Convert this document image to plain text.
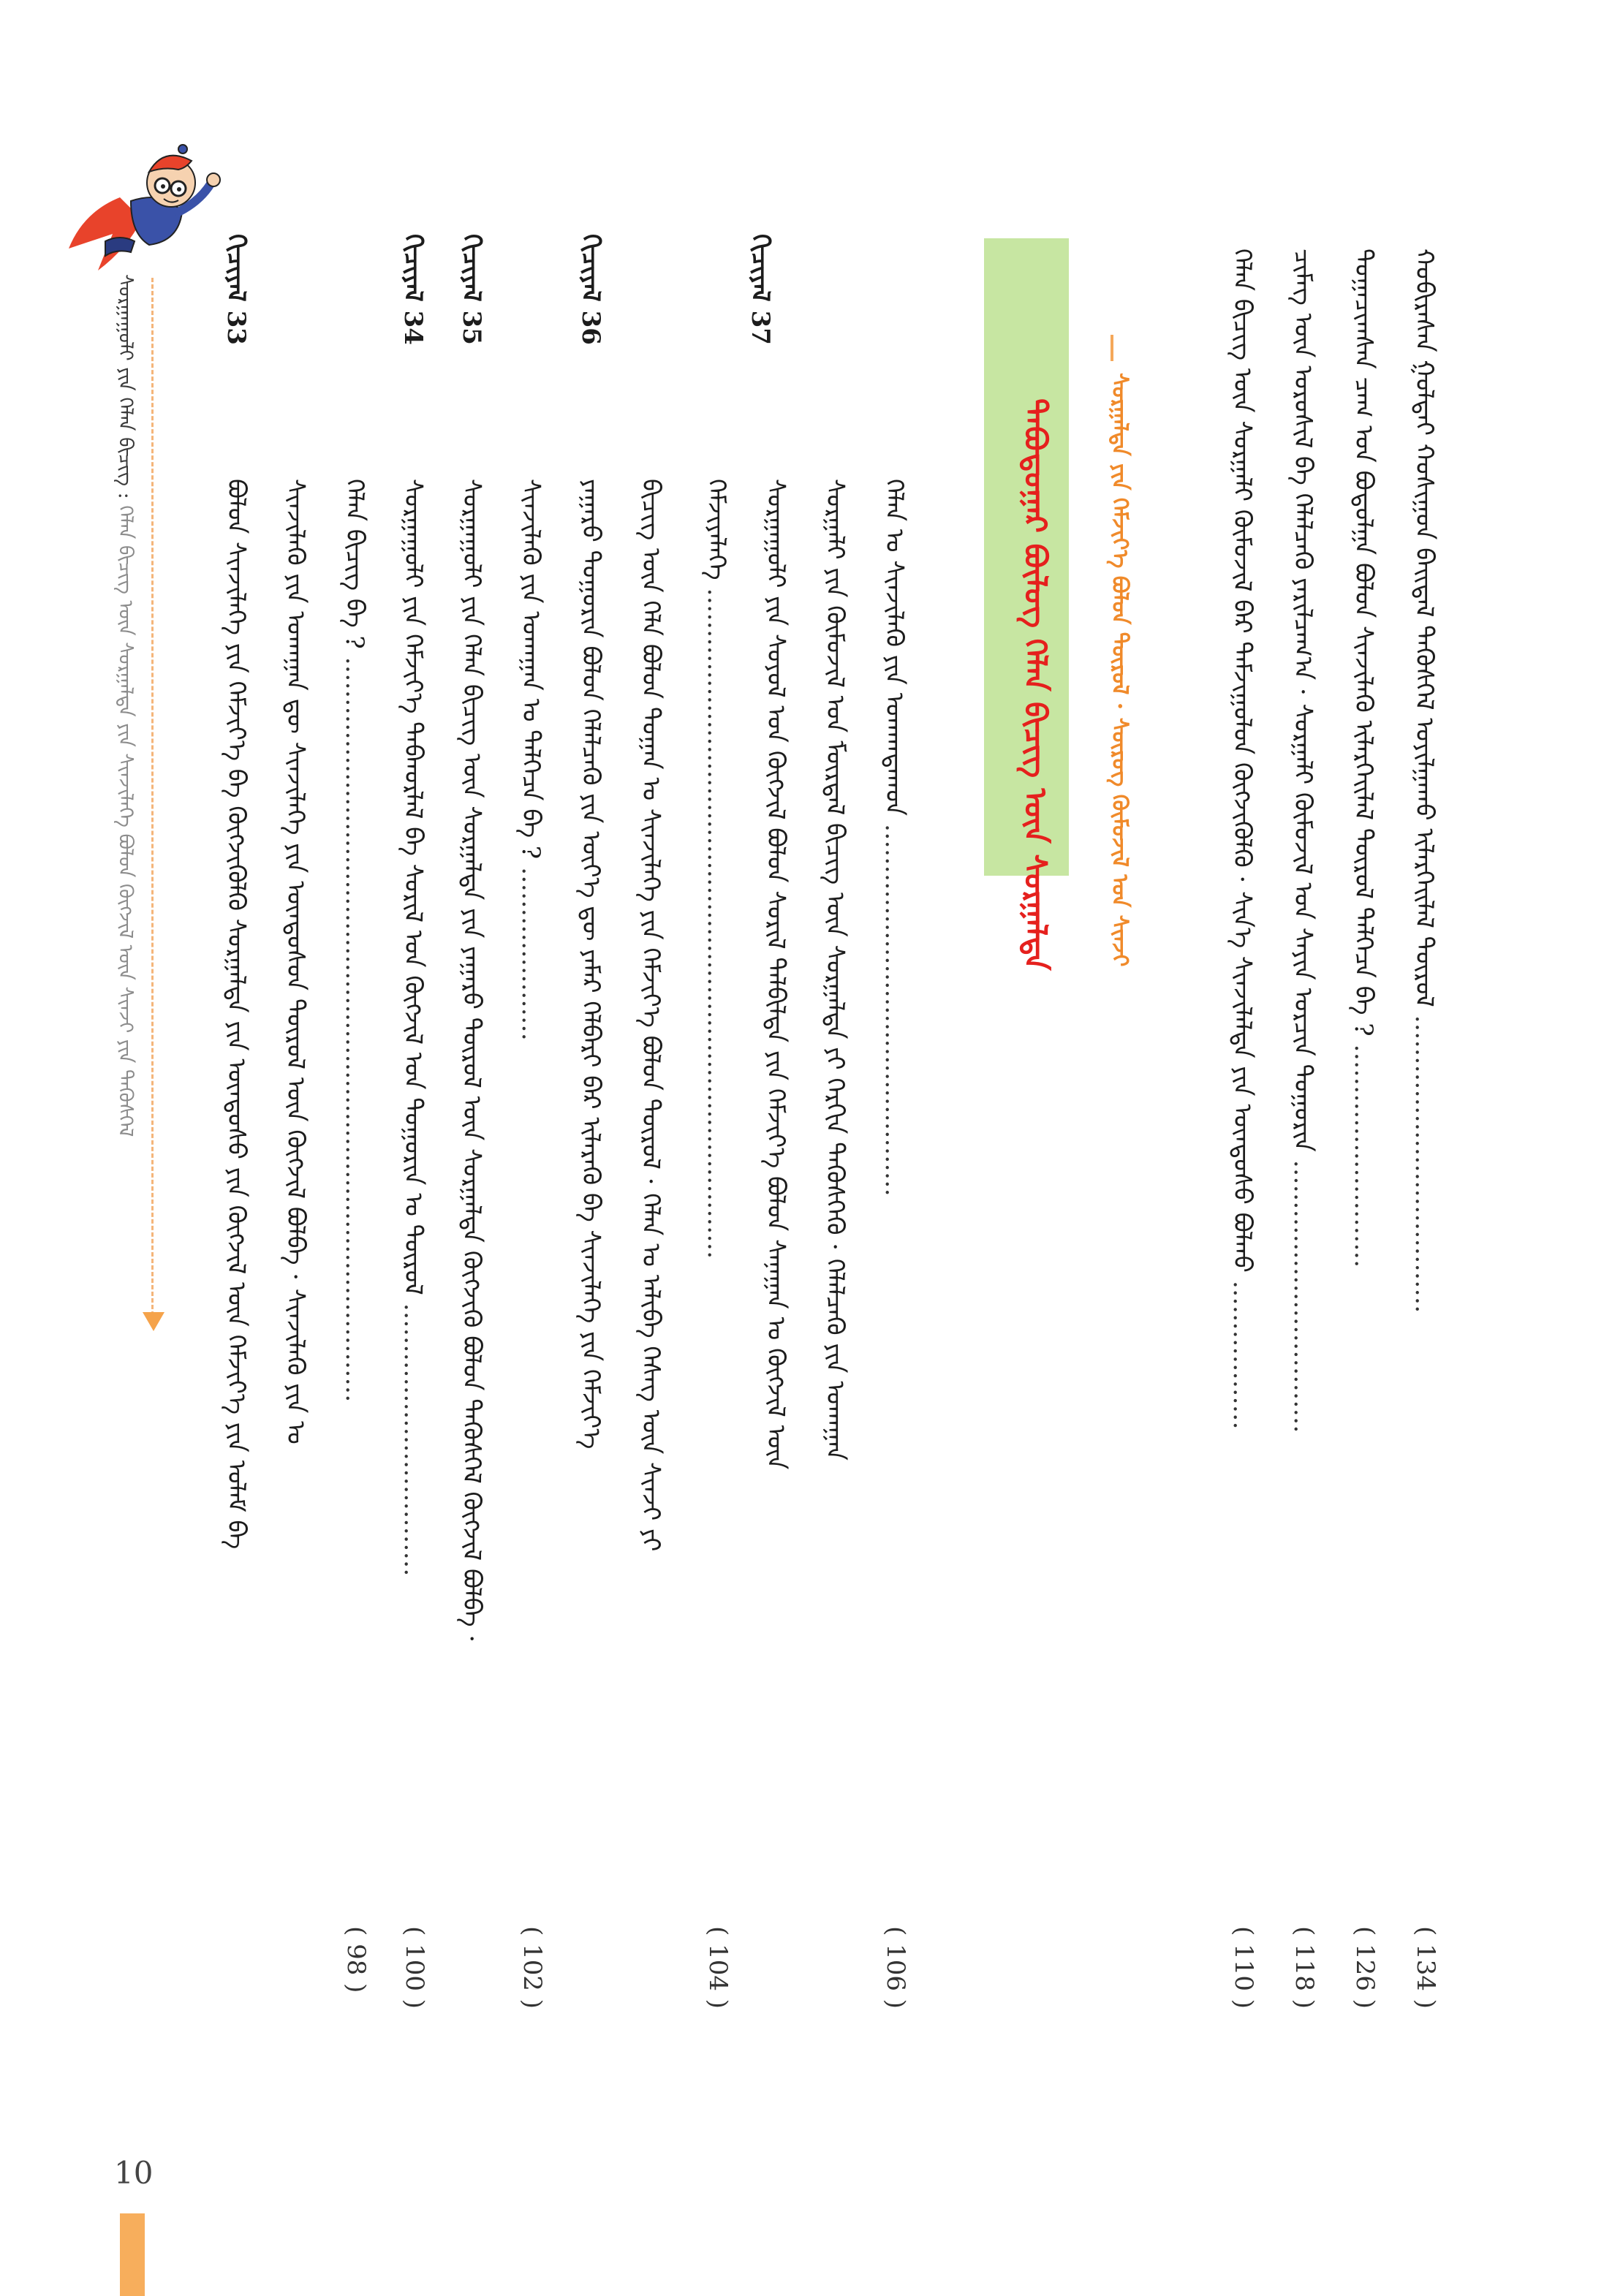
ᠬᠣᠪᠢᠷᠠᠰᠠᠨ ᠭᠤᠯᠲᠠᠢ ᠬᠣᠰᠢᠭᠤᠨ ᠪᠠᠢᠳᠠᠯ ᠲᠡᠭᠦᠰᠬᠡᠯ ᠣᠶᠢᠯᠭᠠᠬᠤ ᠢᠯᠡᠷᠬᠡᠢᠯᠡᠯ ᠲᠦᠷᠦᠯ ………………………………
( 134 )
ᠲᠣᠭᠠᠴᠢᠭᠰᠠᠨ ᠴᠠᠭ ᠤᠨ ᠪᠣᠳᠣᠯᠭᠠ ᠪᠣᠯᠤᠨ ᠰᠢᠨᠵᠢᠯᠡᠬᠦ ᠢᠯᠡᠷᠬᠡᠢᠯᠡᠯ ᠲᠦᠷᠦᠯ ᠳᠡᠯᠬᠡᠴᠡ ᠪᠡ ? ………………………
( 126 )
ᠴᠢᠮᠡᠭ ᠦᠨ ᠣᠷᠣᠰᠢᠯ ᠪᠠ ᠬᠡᠯᠡᠯᠴᠡᠬᠦ ᠶᠠᠷᠢᠯᠴᠠᠭ᠎ᠠ · ᠰᠤᠷᠭᠠᠯᠢ ᠬᠥᠮᠦᠵᠢᠯ ᠤᠨ ᠰᠠᠶᠢᠨ ᠣᠷᠴᠢᠨ ᠲᠣᠭᠣᠷᠢᠨ ……………………………
( 118 )
ᠬᠡᠯᠡᠨ ᠪᠢᠴᠢᠭ ᠦᠨ ᠰᠤᠷᠭᠠᠯᠢ ᠬᠥᠮᠦᠵᠢᠯ ᠪᠡᠷ ᠳᠠᠮᠵᠢᠭᠤᠯᠤᠨ ᠬᠥᠭᠵᠢᠭᠦᠯᠬᠦ · ᠰᠢᠨ᠎ᠡ ᠰᠢᠨᠵᠢᠯᠡᠯᠲᠡ ᠶᠢᠨ ᠦᠨᠳᠦᠰᠦ ᠪᠣᠯᠬᠤ ………………
( 110 )
ᠰᠤᠷᠭᠠᠯᠲᠠ ᠶᠢᠨ ᠬᠡᠮᠵᠢᠶ᠎ᠡ ᠪᠣᠯᠤᠨ ᠲᠦᠷᠦᠯ · ᠰᠦᠷᠦᠭ ᠬᠥᠮᠦᠵᠢᠯ ᠤᠨ ᠰᠢᠨᠵᠢ
ᠲᠠᠪᠤᠳᠤᠭᠠᠷ ᠪᠦᠯᠦᠭ ᠬᠡᠯᠡᠨ ᠪᠢᠴᠢᠭ ᠦᠨ ᠰᠤᠷᠭᠠᠯᠲᠠ
ᠬᠢᠴᠢᠶᠡᠯ 37
ᠬᠡᠯᠡᠨ ᠤ ᠰᠢᠨᠵᠢᠯᠡᠬᠦ ᠶᠢᠨ ᠤᠬᠠᠭᠳᠠᠬᠤᠨ ………………………………………
( 106 )
ᠰᠤᠷᠭᠠᠯᠢ ᠶᠢᠨ ᠬᠥᠮᠦᠵᠢᠯ ᠤᠨ ᠮᠥᠷᠳᠡᠯ ᠪᠢᠴᠢᠭ ᠦᠨ ᠰᠤᠷᠭᠠᠯᠲᠠ ᠶᠢ ᠬᠡᠷᠬᠢᠨ ᠲᠡᠭᠦᠰᠬᠡᠬᠦ · ᠬᠡᠯᠡᠯᠴᠡᠬᠦ ᠶᠢᠨ ᠤᠬᠠᠭᠠᠨ
ᠰᠤᠷᠭᠠᠭᠤᠯᠢ ᠶᠢᠨ ᠰᠣᠶᠣᠯ ᠤᠨ ᠬᠥᠭᠵᠢᠯ ᠪᠣᠯᠤᠨ ᠰᠣᠷᠢᠯ ᠲᠠᠯᠪᠢᠯᠲᠠ ᠶᠢᠨ ᠬᠡᠮᠵᠢᠶ᠎ᠡ ᠪᠣᠯᠤᠨ ᠰᠠᠨᠠᠭᠠᠨ ᠤ ᠬᠥᠭᠵᠢᠯ ᠦᠨ
ᠬᠡᠮᠵᠢᠶᠡᠯᠡᠭᠡ ………………………………………………………………………
( 104 )
ᠬᠢᠴᠢᠶᠡᠯ 36
ᠪᠢᠴᠢᠭ ᠦᠨ ᠬᠡᠯᠡ ᠪᠣᠯᠤᠨ ᠲᠣᠭᠠᠨ ᠤ ᠰᠢᠨᠵᠢᠯᠡᠭᠡ ᠶᠢᠨ ᠬᠡᠮᠵᠢᠶ᠎ᠡ ᠪᠣᠯᠤᠨ ᠲᠦᠷᠦᠯ · ᠬᠡᠯᠡᠨ ᠤ ᠠᠯᠢᠪᠠ ᠬᠡᠰᠡᠭ ᠦᠨ ᠰᠢᠨᠵᠢ ᠶᠢ
ᠶᠠᠭᠠᠷᠤ ᠲᠣᠭᠣᠷᠢᠨ ᠪᠣᠯᠤᠨ ᠬᠡᠯᠡᠯᠴᠡᠬᠦ ᠶᠢᠨ ᠦᠶ᠎ᠡ ᠳᠦ ᠶᠠᠮᠠᠷ ᠬᠡᠯᠪᠡᠷᠢ ᠪᠠᠷ ᠢᠯᠡᠷᠡᠬᠦ ᠪᠡ ᠰᠢᠨᠵᠢᠯᠡᠭᠡ ᠶᠢᠨ ᠬᠡᠮᠵᠢᠶ᠎ᠡ
ᠰᠢᠨᠵᠢᠯᠡᠬᠦ ᠶᠢᠨ ᠤᠬᠠᠭᠠᠨ ᠤ ᠳᠡᠯᠬᠡᠴᠡ ᠪᠡ ? …………………
( 102 )
ᠬᠢᠴᠢᠶᠡᠯ 35
ᠰᠤᠷᠭᠠᠭᠤᠯᠢ ᠶᠢᠨ ᠬᠡᠯᠡᠨ ᠪᠢᠴᠢᠭ ᠦᠨ ᠰᠤᠷᠭᠠᠯᠲᠠ ᠶᠢᠨ ᠶᠠᠭᠠᠷᠤ ᠲᠦᠷᠦᠯ ᠦᠨ ᠰᠤᠷᠭᠠᠯᠲᠠ ᠬᠥᠭᠵᠢᠬᠦ ᠪᠣᠯᠤᠨ ᠲᠡᠭᠦᠰᠬᠡᠯ ᠬᠥᠭᠵᠢᠯ ᠪᠣᠯᠪᠠ ·
ᠬᠢᠴᠢᠶᠡᠯ 34
ᠰᠤᠷᠭᠠᠭᠤᠯᠢ ᠶᠢᠨ ᠬᠡᠮᠵᠢᠶ᠎ᠡ ᠳᠠᠪᠬᠤᠷᠯᠠᠯ ᠪᠠ ᠰᠣᠷᠢᠯ ᠤᠨ ᠬᠥᠭᠵᠢᠯ ᠤᠨ ᠲᠣᠭᠣᠷᠢᠨ ᠤ ᠲᠦᠷᠦᠯ ……………………………
( 100 )
ᠬᠢᠴᠢᠶᠡᠯ 33
ᠬᠡᠯᠡᠨ ᠪᠢᠴᠢᠭ ᠪᠡ ? ………………………………………………………………………………
( 98 )
ᠰᠢᠨᠵᠢᠯᠡᠬᠦ ᠶᠢᠨ ᠤᠬᠠᠭᠠᠨ ᠳᠦ ᠰᠢᠨᠵᠢᠯᠡᠭᠡ ᠶᠢᠨ ᠦᠨᠳᠦᠰᠦᠨ ᠲᠦᠷᠦᠯ ᠦᠨ ᠬᠥᠭᠵᠢᠯ ᠪᠣᠯᠪᠠ · ᠰᠢᠨᠵᠢᠯᠡᠬᠦ ᠶᠢᠨ ᠤ
ᠪᠣᠯᠤᠨ ᠰᠢᠨᠵᠢᠯᠡᠭᠡ ᠶᠢᠨ ᠬᠡᠮᠵᠢᠶ᠎ᠡ ᠪᠠ ᠬᠥᠭᠵᠢᠭᠦᠯᠬᠦ ᠰᠤᠷᠭᠠᠯᠲᠠ ᠶᠢᠨ ᠦᠨᠳᠦᠰᠦ ᠶᠢᠨ ᠬᠥᠭᠵᠢᠯ ᠦᠨ ᠬᠡᠮᠵᠢᠶ᠎ᠡ ᠶᠢᠨ ᠤᠯᠠᠮ ᠪᠡ
ᠰᠤᠷᠭᠠᠭᠤᠯᠢ ᠶᠢᠨ ᠬᠡᠯᠡᠨ ᠪᠢᠴᠢᠭ : ᠬᠡᠯᠡᠨ ᠪᠢᠴᠢᠭ ᠦᠨ ᠰᠤᠷᠭᠠᠯᠲᠠ ᠶᠢᠨ ᠰᠢᠨᠵᠢᠯᠡᠭᠡ ᠪᠣᠯᠤᠨ ᠬᠥᠭᠵᠢᠯ ᠦᠨ ᠰᠢᠨᠵᠢ ᠶᠢᠨ ᠲᠡᠭᠦᠰᠬᠡᠯ
10
